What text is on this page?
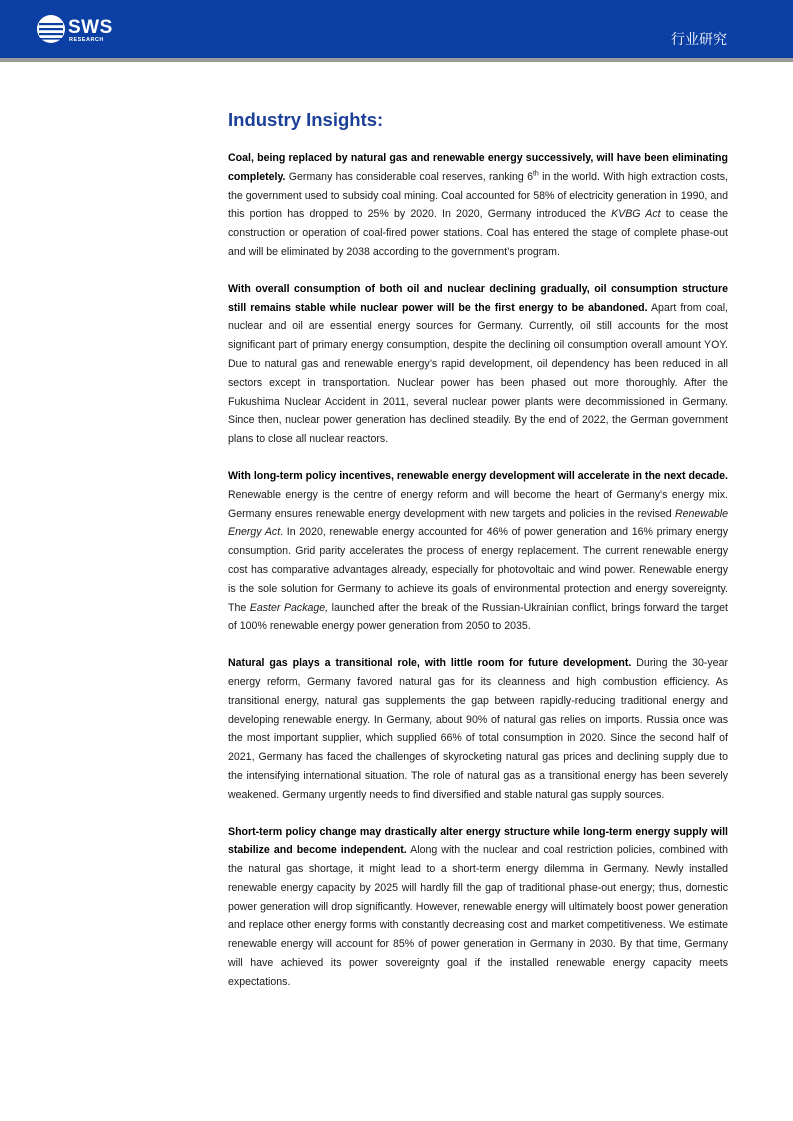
SWS
RESEARCH	行业研究
Industry Insights:

Coal, being replaced by natural gas and renewable energy successively, will have been eliminating completely. Germany has considerable coal reserves, ranking 6th in the world. With high extraction costs, the government used to subsidy coal mining. Coal accounted for 58% of electricity generation in 1990, and this portion has dropped to 25% by 2020. In 2020, Germany introduced the KVBG Act to cease the construction or operation of coal-fired power stations. Coal has entered the stage of complete phase-out and will be eliminated by 2038 according to the government’s program.

With overall consumption of both oil and nuclear declining gradually, oil consumption structure still remains stable while nuclear power will be the first energy to be abandoned. Apart from coal, nuclear and oil are essential energy sources for Germany. Currently, oil still accounts for the most significant part of primary energy consumption, despite the declining oil consumption overall amount YOY. Due to natural gas and renewable energy’s rapid development, oil dependency has been reduced in all sectors except in transportation. Nuclear power has been phased out more thoroughly. After the Fukushima Nuclear Accident in 2011, several nuclear power plants were decommissioned in Germany. Since then, nuclear power generation has declined steadily. By the end of 2022, the German government plans to close all nuclear reactors.

With long-term policy incentives, renewable energy development will accelerate in the next decade. Renewable energy is the centre of energy reform and will become the heart of Germany's energy mix. Germany ensures renewable energy development with new targets and policies in the revised Renewable Energy Act. In 2020, renewable energy accounted for 46% of power generation and 16% primary energy consumption. Grid parity accelerates the process of energy replacement. The current renewable energy cost has comparative advantages already, especially for photovoltaic and wind power. Renewable energy is the sole solution for Germany to achieve its goals of environmental protection and energy sovereignty. The Easter Package, launched after the break of the Russian-Ukrainian conflict, brings forward the target of 100% renewable energy power generation from 2050 to 2035.

Natural gas plays a transitional role, with little room for future development. During the 30-year energy reform, Germany favored natural gas for its cleanness and high combustion efficiency. As transitional energy, natural gas supplements the gap between rapidly-reducing traditional energy and developing renewable energy. In Germany, about 90% of natural gas relies on imports. Russia once was the most important supplier, which supplied 66% of total consumption in 2020. Since the second half of 2021, Germany has faced the challenges of skyrocketing natural gas prices and declining supply due to the intensifying international situation. The role of natural gas as a transitional energy has been severely weakened. Germany urgently needs to find diversified and stable natural gas supply sources.

Short-term policy change may drastically alter energy structure while long-term energy supply will stabilize and become independent. Along with the nuclear and coal restriction policies, combined with the natural gas shortage, it might lead to a short-term energy dilemma in Germany. Newly installed renewable energy capacity by 2025 will hardly fill the gap of traditional phase-out energy; thus, domestic power generation will drop significantly. However, renewable energy will ultimately boost power generation and replace other energy forms with constantly decreasing cost and market competitiveness. We estimate renewable energy will account for 85% of power generation in Germany in 2030. By that time, Germany will have achieved its power sovereignty goal if the installed renewable energy capacity meets expectations.
